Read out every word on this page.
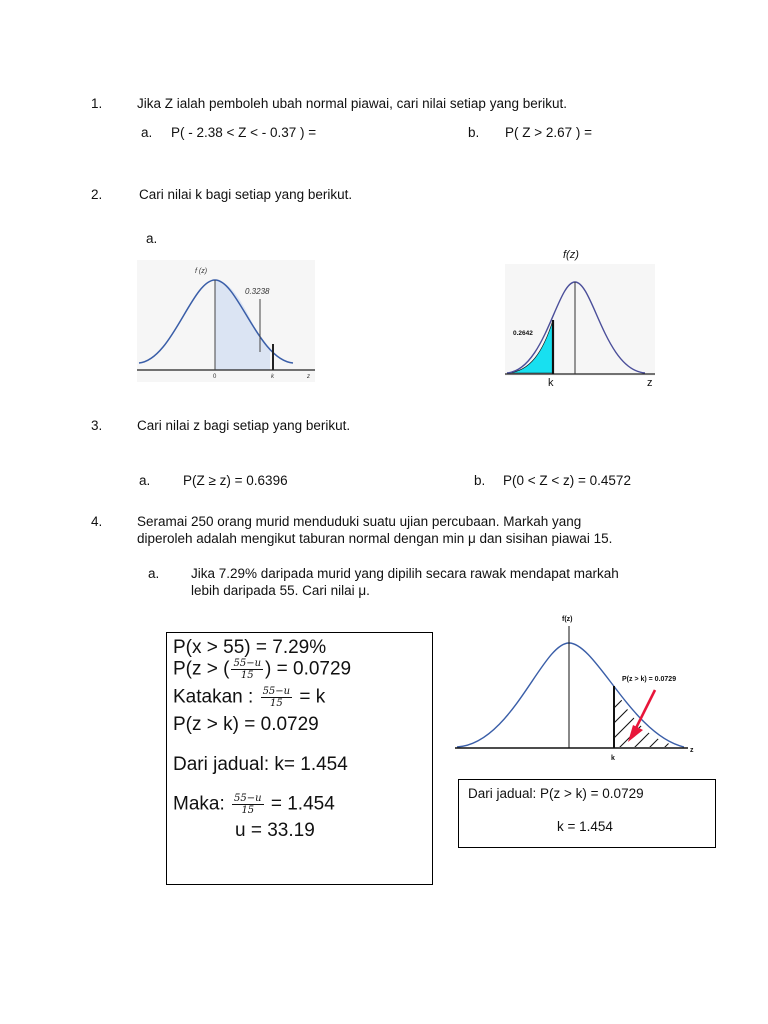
1.	Jika Z ialah pemboleh ubah normal piawai, cari nilai setiap yang berikut.
a. P( - 2.38 < Z < - 0.37 ) =	b. P( Z > 2.67 ) =
2.	Cari nilai k bagi setiap yang berikut.
a.
f (z)
0.3238
0	k	z
f(z)
0.2642
k	z
3.	Cari nilai z bagi setiap yang berikut.
a. P(Z ≥ z) = 0.6396	b. P(0 < Z < z) = 0.4572
4.	Seramai 250 orang murid menduduki suatu ujian percubaan. Markah yang
diperoleh adalah mengikut taburan normal dengan min μ dan sisihan piawai 15.
a. Jika 7.29% daripada murid yang dipilih secara rawak mendapat markah
lebih daripada 55. Cari nilai μ.
P(x > 55) = 7.29%
P(z > ( $\frac{55-u}{15}$ ) = 0.0729
Katakan : $\frac{55-u}{15} = k$
P(z > k) = 0.0729
Dari jadual: k= 1.454
Maka: $\frac{55-u}{15} = 1.454$
u = 33.19
f(z)
P(z > k) = 0.0729
k
z
Dari jadual: P(z > k) = 0.0729
k = 1.454
